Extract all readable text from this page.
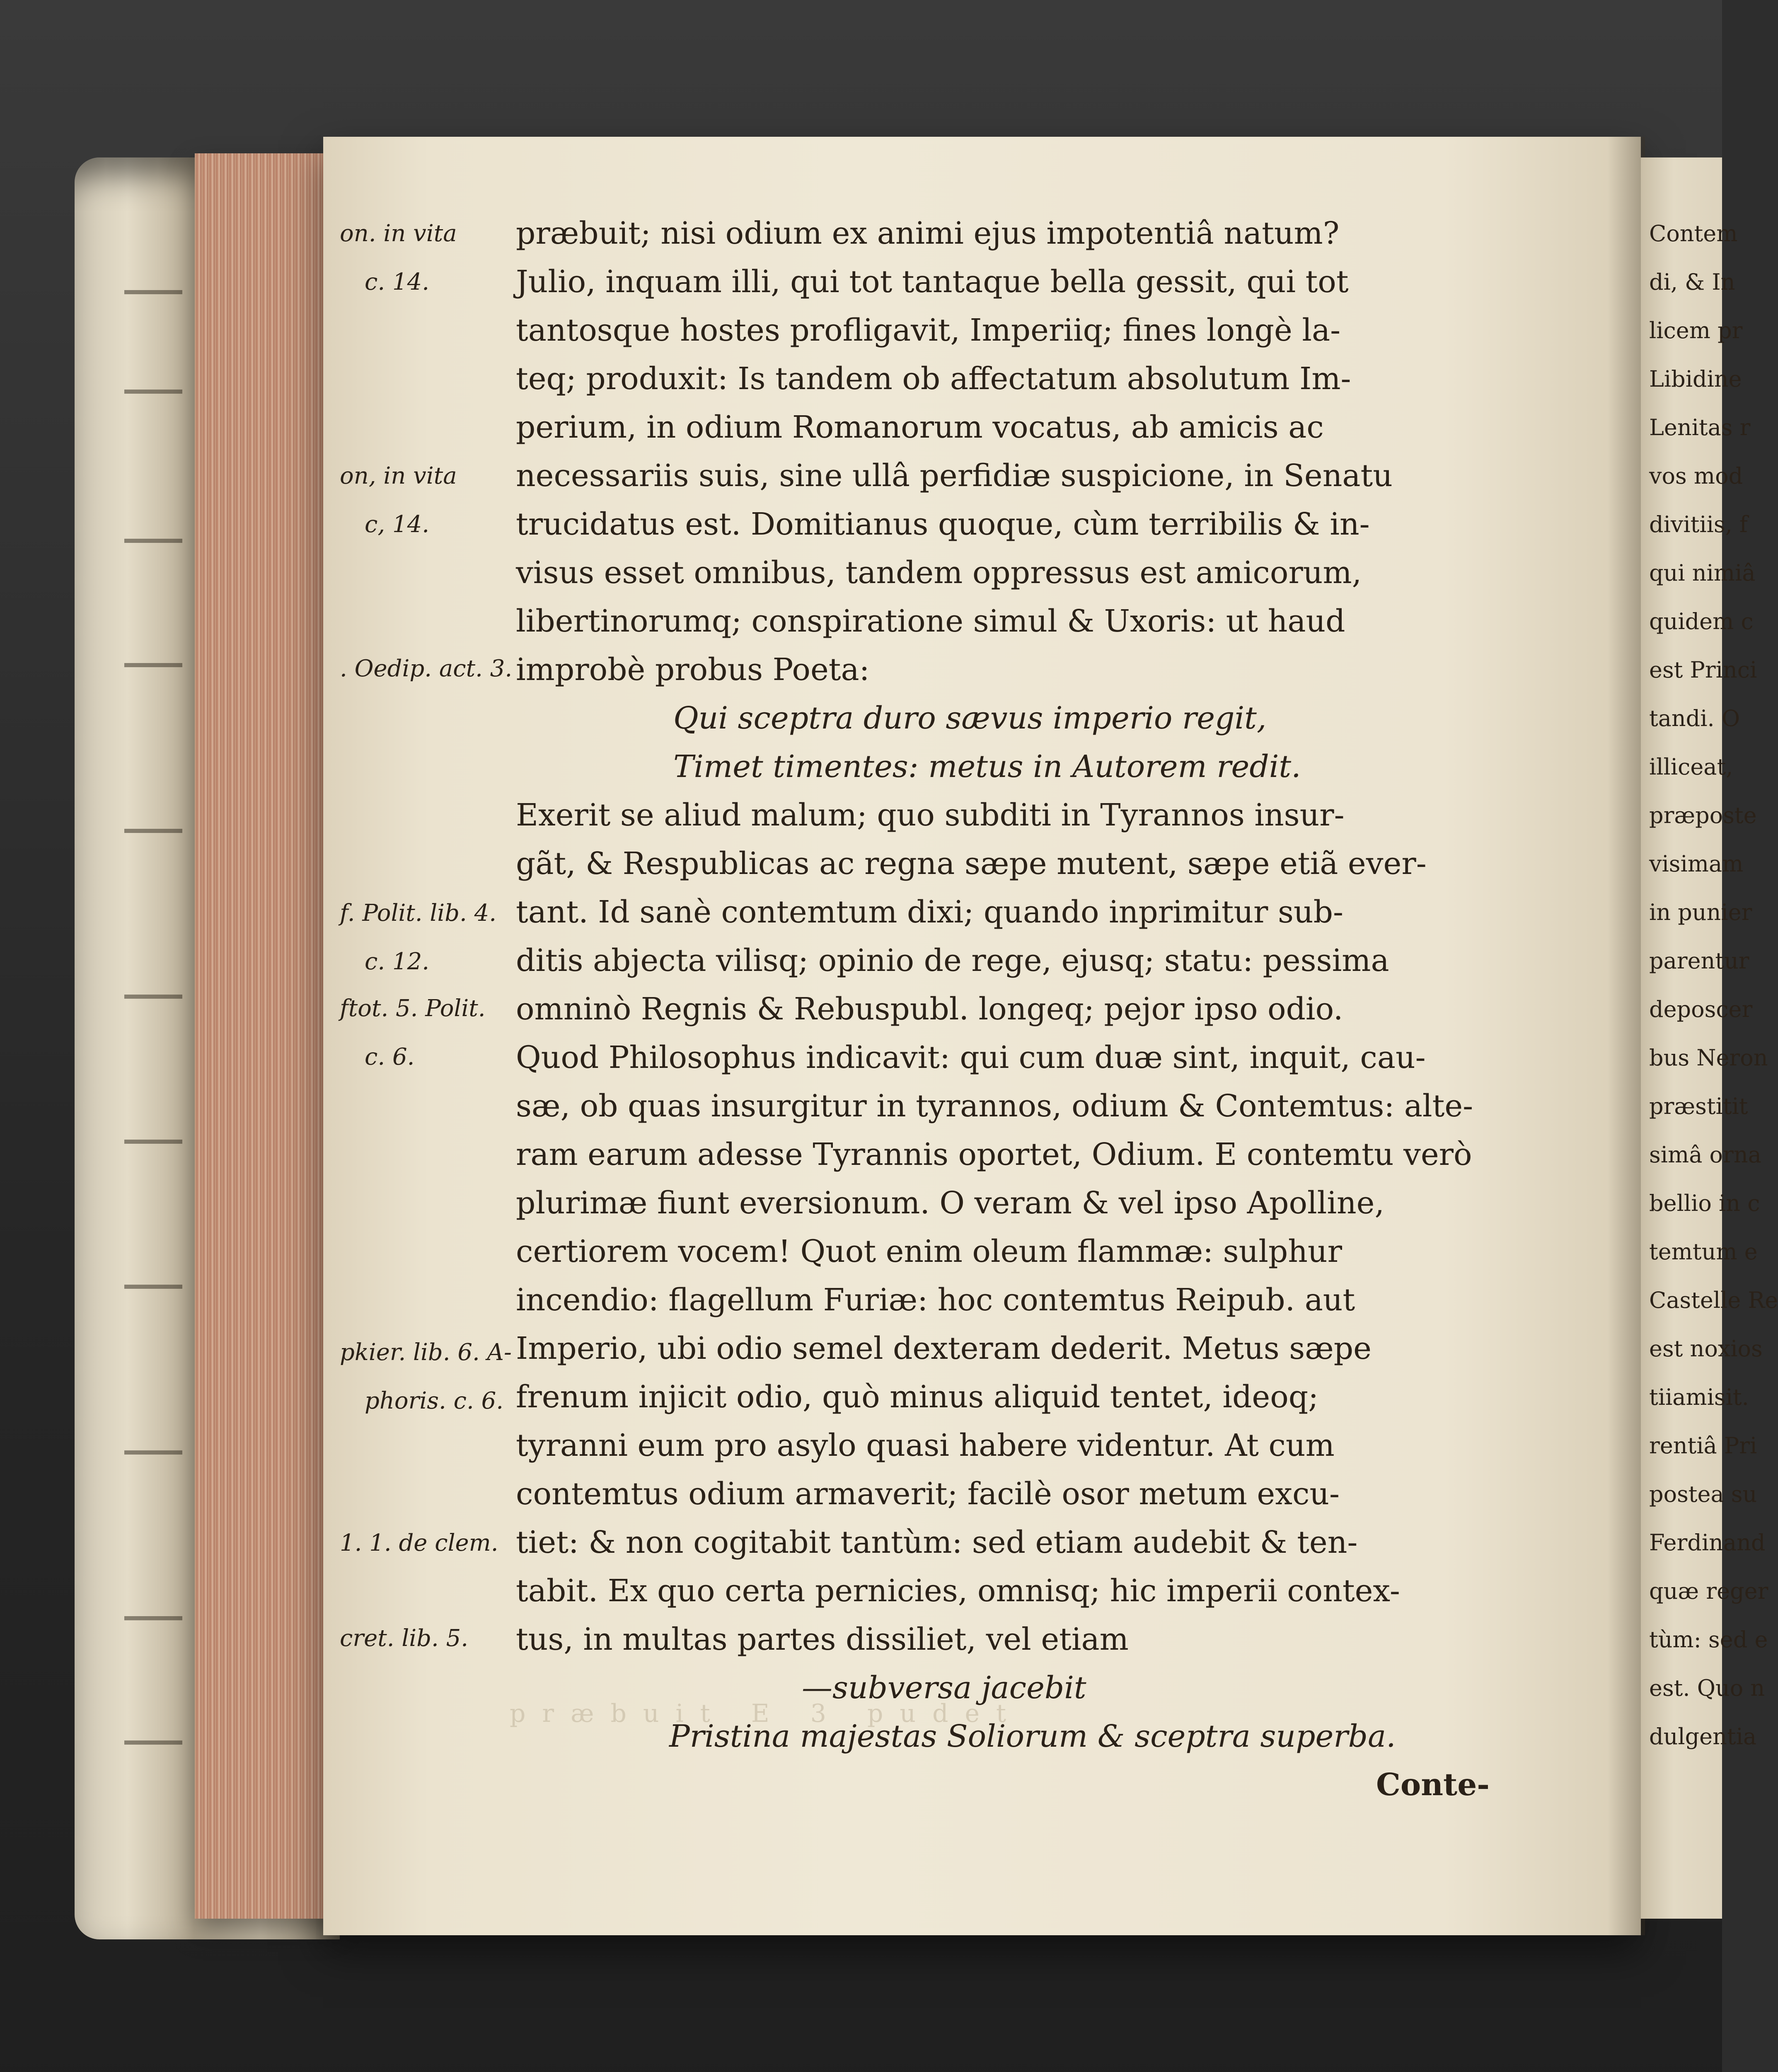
præbuit E 3 pudet
on. in vita
c. 14.
on, in vita
c, 14.
. Oedip. act. 3.
f. Polit. lib. 4.
c. 12.
ftot. 5. Polit.
c. 6.
pkier. lib. 6. A-
phoris. c. 6.
1. 1. de clem.
cret. lib. 5.

præbuit; nisi odium ex animi ejus impotentiâ natum?

Julio, inquam illi, qui tot tantaque bella gessit, qui tot

tantosque hostes profligavit, Imperiiq; fines longè la-

teq; produxit: Is tandem ob affectatum absolutum Im-

perium, in odium Romanorum vocatus, ab amicis ac

necessariis suis, sine ullâ perfidiæ suspicione, in Senatu

trucidatus est. Domitianus quoque, cùm terribilis & in-

visus esset omnibus, tandem oppressus est amicorum,

libertinorumq; conspiratione simul & Uxoris: ut haud

improbè probus Poeta:

Qui sceptra duro sævus imperio regit,

Timet timentes: metus in Autorem redit.

Exerit se aliud malum; quo subditi in Tyrannos insur-

gãt, & Respublicas ac regna sæpe mutent, sæpe etiã ever-

tant. Id sanè contemtum dixi; quando inprimitur sub-

ditis abjecta vilisq; opinio de rege, ejusq; statu: pessima

omninò Regnis & Rebuspubl. longeq; pejor ipso odio.

Quod Philosophus indicavit: qui cum duæ sint, inquit, cau-

sæ, ob quas insurgitur in tyrannos, odium & Contemtus: alte-

ram earum adesse Tyrannis oportet, Odium. E contemtu verò

plurimæ fiunt eversionum. O veram & vel ipso Apolline,

certiorem vocem! Quot enim oleum flammæ: sulphur

incendio: flagellum Furiæ: hoc contemtus Reipub. aut

Imperio, ubi odio semel dexteram dederit. Metus sæpe

frenum injicit odio, quò minus aliquid tentet, ideoq;

tyranni eum pro asylo quasi habere videntur. At cum

contemtus odium armaverit; facilè osor metum excu-

tiet: & non cogitabit tantùm: sed etiam audebit & ten-

tabit. Ex quo certa pernicies, omnisq; hic imperii contex-

tus, in multas partes dissiliet, vel etiam

—subversa jacebit

Pristina majestas Soliorum & sceptra superba.

Conte-

Contem
di, & In
licem pr
Libidine
Lenitas r
vos mod
divitiis, f
qui nimiâ
quidem c
est Princi
tandi. O
illiceat,
præposte
visimam
in punier
parentur
deposcer
bus Neron
præstitit
simâ orna
bellio in c
temtum e
Castelle Re
est noxios
tiiamisit.
rentiâ Pri
postea su
Ferdinand
quæ reger
tùm: sed e
est. Quo n
dulgentia
